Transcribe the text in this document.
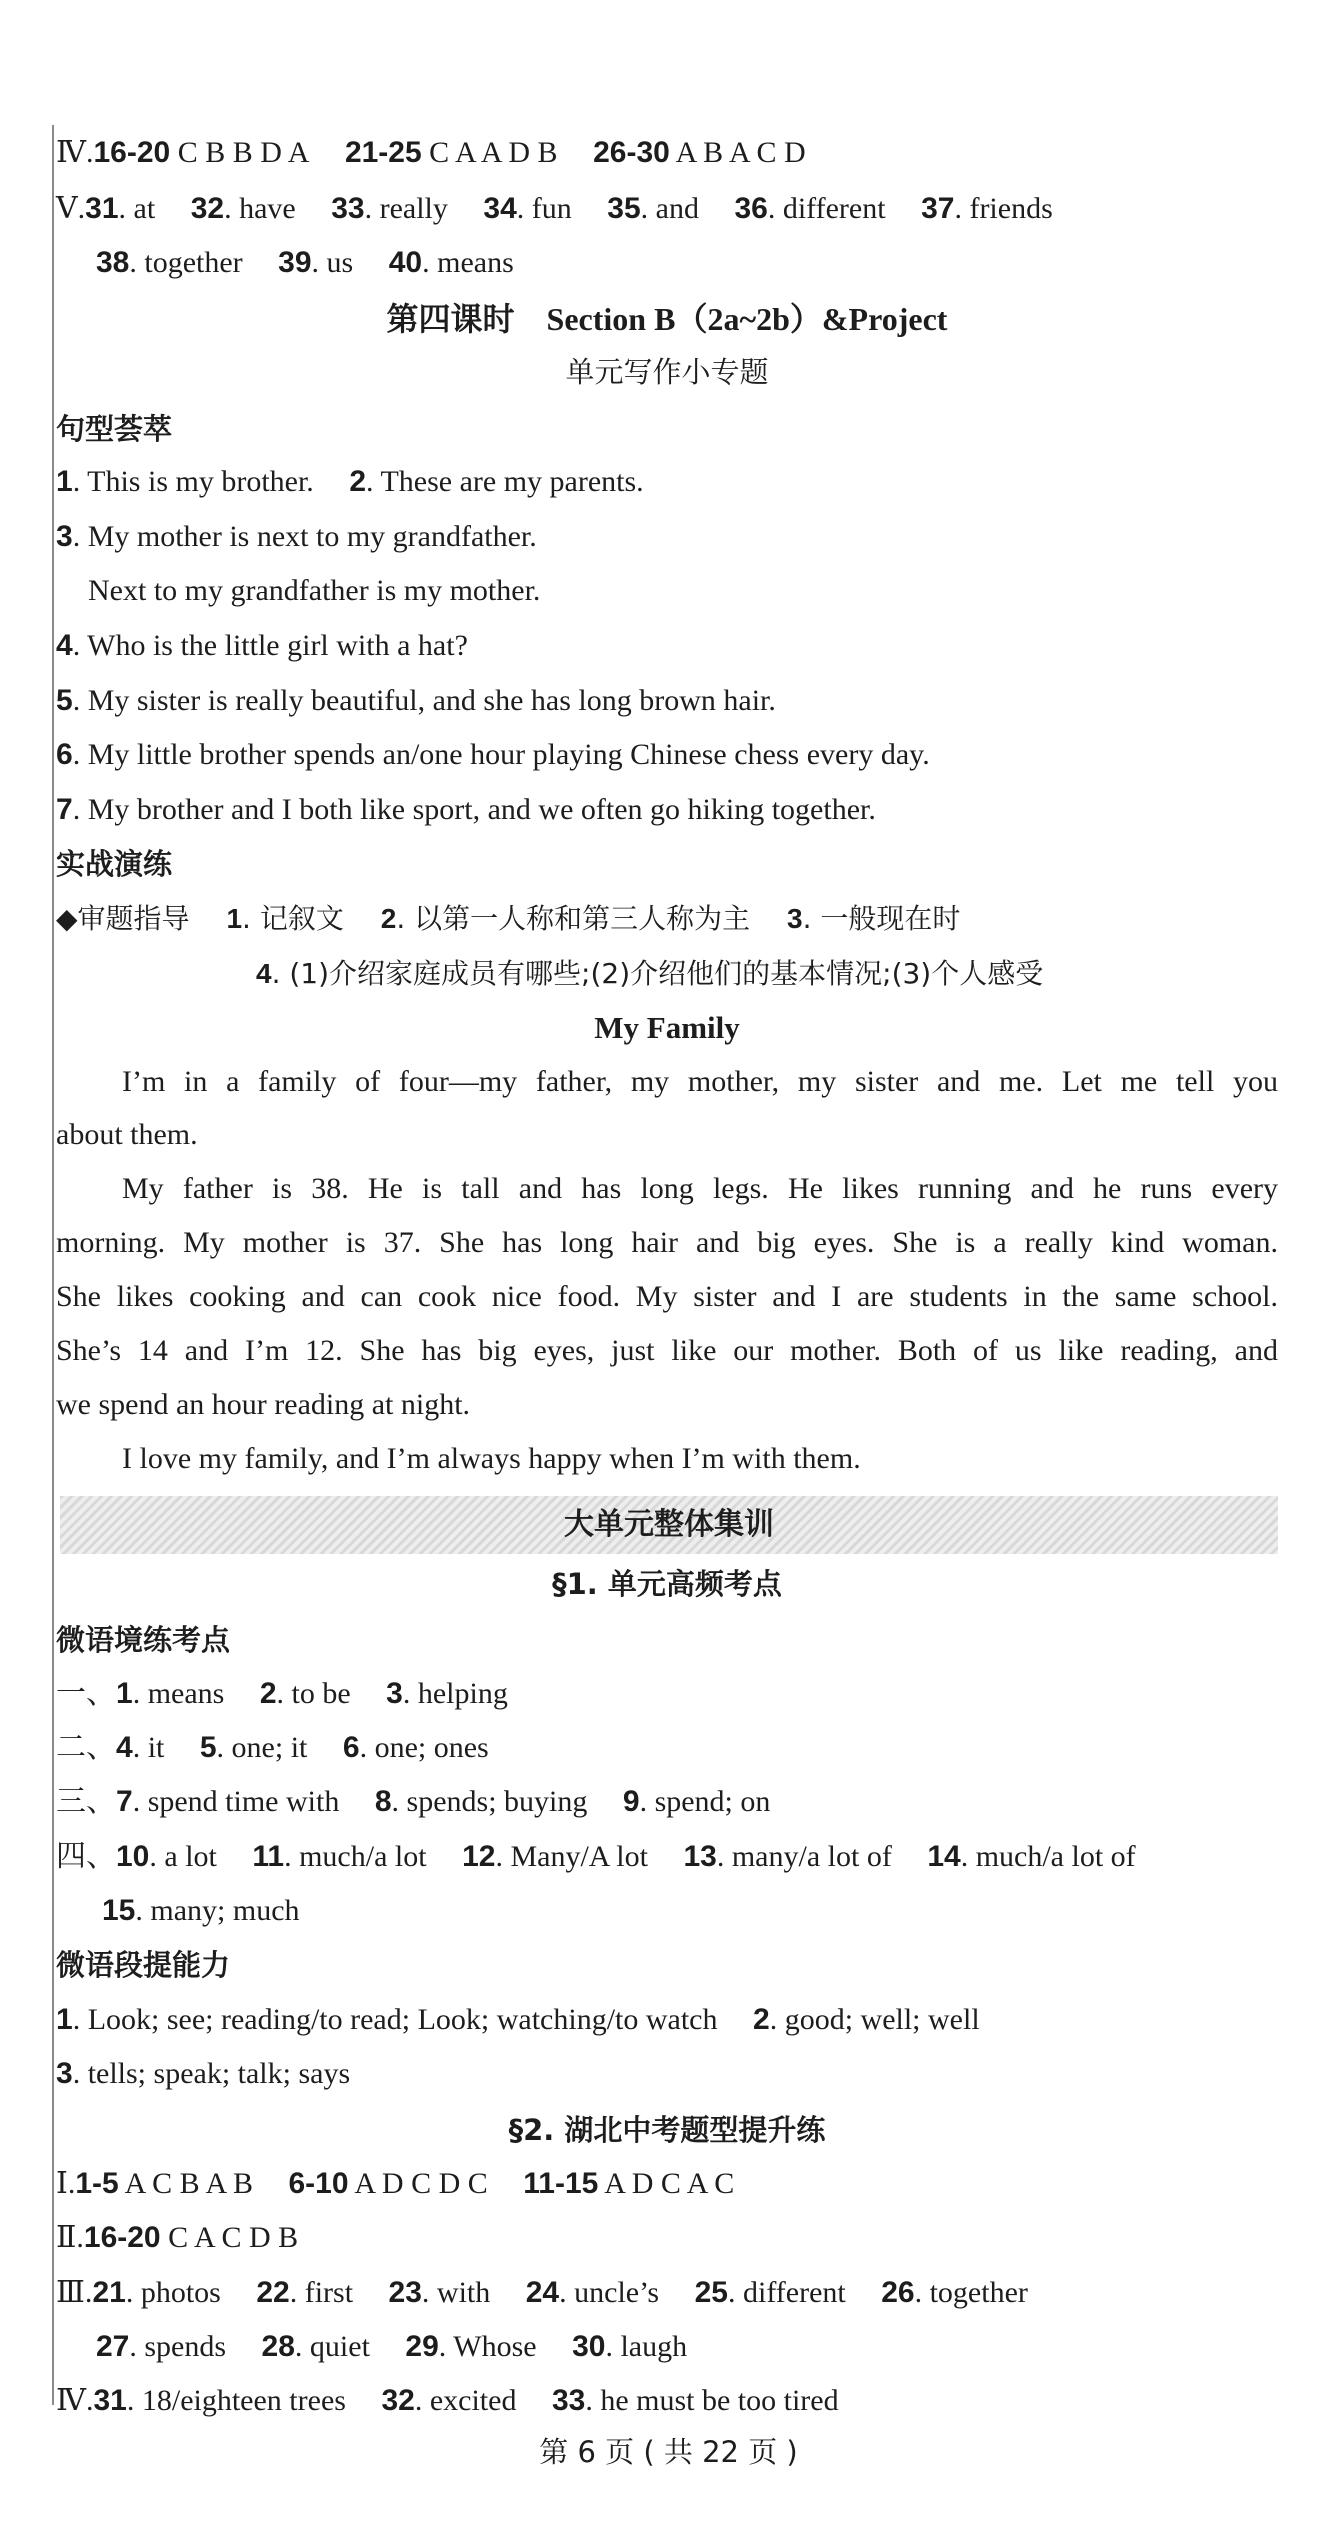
Ⅳ.16-20 C B B D A 21-25 C A A D B 26-30 A B A C D
Ⅴ.31. at 32. have 33. really 34. fun 35. and 36. different 37. friends
38. together 39. us 40. means
第四课时　Section B（2a~2b）&Project
单元写作小专题
句型荟萃
1. This is my brother. 2. These are my parents.
3. My mother is next to my grandfather.
Next to my grandfather is my mother.
4. Who is the little girl with a hat?
5. My sister is really beautiful, and she has long brown hair.
6. My little brother spends an/one hour playing Chinese chess every day.
7. My brother and I both like sport, and we often go hiking together.
实战演练
◆审题指导 1. 记叙文 2. 以第一人称和第三人称为主 3. 一般现在时
4. (1)介绍家庭成员有哪些;(2)介绍他们的基本情况;(3)个人感受
My Family
I’m in a family of four—my father, my mother, my sister and me. Let me tell you
about them.
My father is 38. He is tall and has long legs. He likes running and he runs every
morning. My mother is 37. She has long hair and big eyes. She is a really kind woman.
She likes cooking and can cook nice food. My sister and I are students in the same school.
She’s 14 and I’m 12. She has big eyes, just like our mother. Both of us like reading, and
we spend an hour reading at night.
I love my family, and I’m always happy when I’m with them.
大单元整体集训
§1. 单元高频考点
微语境练考点
一、1. means 2. to be 3. helping
二、4. it 5. one; it 6. one; ones
三、7. spend time with 8. spends; buying 9. spend; on
四、10. a lot 11. much/a lot 12. Many/A lot 13. many/a lot of 14. much/a lot of
15. many; much
微语段提能力
1. Look; see; reading/to read; Look; watching/to watch 2. good; well; well
3. tells; speak; talk; says
§2. 湖北中考题型提升练
Ⅰ.1-5 A C B A B 6-10 A D C D C 11-15 A D C A C
Ⅱ.16-20 C A C D B
Ⅲ.21. photos 22. first 23. with 24. uncle’s 25. different 26. together
27. spends 28. quiet 29. Whose 30. laugh
Ⅳ.31. 18/eighteen trees 32. excited 33. he must be too tired
第 6 页 ( 共 22 页 )
